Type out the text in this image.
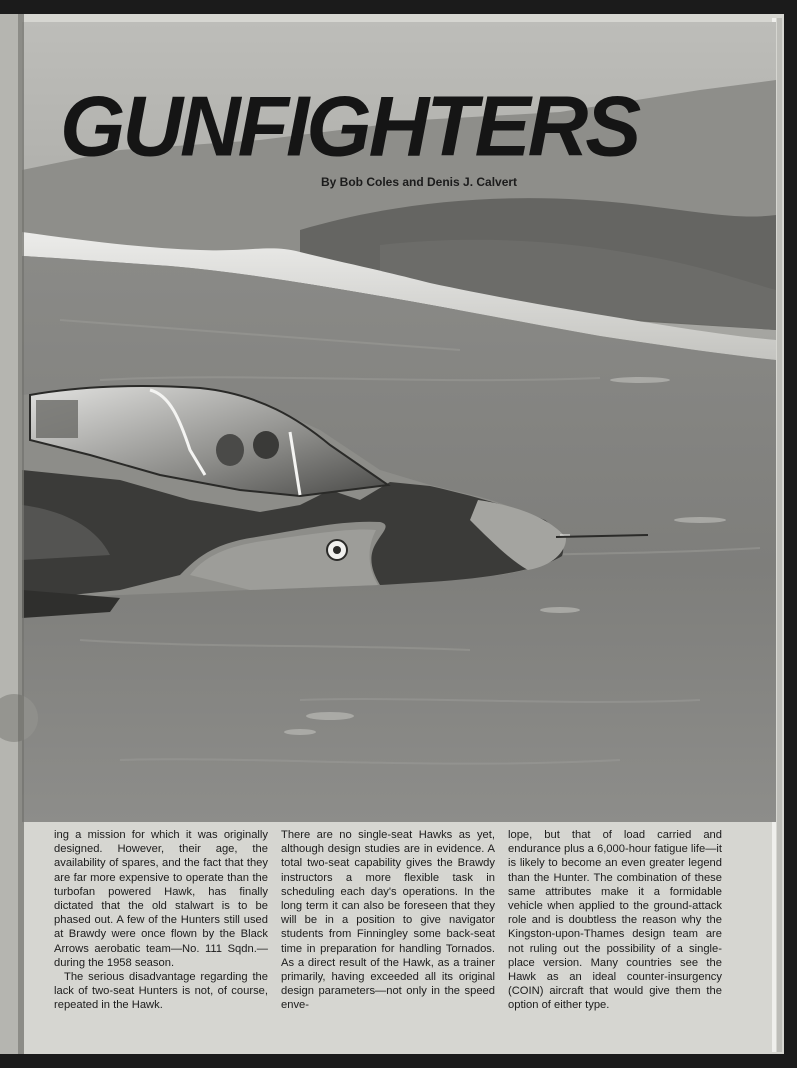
GUNFIGHTERS
By Bob Coles and Denis J. Calvert

ing a mission for which it was originally designed. However, their age, the availability of spares, and the fact that they are far more expensive to operate than the turbofan powered Hawk, has finally dictated that the old stalwart is to be phased out. A few of the Hunters still used at Brawdy were once flown by the Black Arrows aerobatic team—No. 111 Sqdn.—during the 1958 season.

The serious disadvantage regarding the lack of two-seat Hunters is not, of course, repeated in the Hawk.

There are no single-seat Hawks as yet, although design studies are in evidence. A total two-seat capability gives the Brawdy instructors a more flexible task in scheduling each day's operations. In the long term it can also be foreseen that they will be in a position to give navigator students from Finningley some back-seat time in preparation for handling Tornados. As a direct result of the Hawk, as a trainer primarily, having exceeded all its original design parameters—not only in the speed enve-

lope, but that of load carried and endurance plus a 6,000-hour fatigue life—it is likely to become an even greater legend than the Hunter. The combination of these same attributes make it a formidable vehicle when applied to the ground-attack role and is doubtless the reason why the Kingston-upon-Thames design team are not ruling out the possibility of a single-place version. Many countries see the Hawk as an ideal counter-insurgency (COIN) aircraft that would give them the option of either type.
